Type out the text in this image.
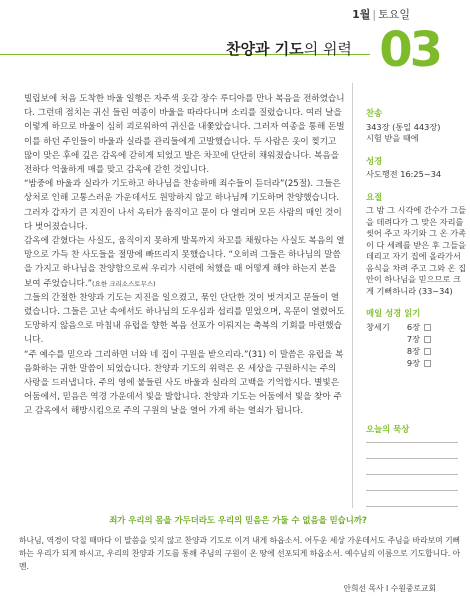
1월 | 토요일
03
찬양과 기도의 위력

빌립보에 처음 도착한 바울 일행은 자주색 옷감 장수 루디아를 만나 복음을 전하였습니다. 그런데 점치는 귀신 들린 여종이 바울을 따라다니며 소리를 질렀습니다. 여러 날을 이렇게 하므로 바울이 심히 괴로워하여 귀신을 내쫓았습니다. 그러자 여종을 통해 돈벌이를 하던 주인들이 바울과 실라를 관리들에게 고발했습니다. 두 사람은 옷이 찢기고 많이 맞은 후에 깊은 감옥에 갇히게 되었고 발은 차꼬에 단단히 채워졌습니다. 복음을 전하다 억울하게 매를 맞고 감옥에 갇힌 것입니다.

“밤중에 바울과 실라가 기도하고 하나님을 찬송하매 죄수들이 듣더라”(25절). 그들은 상처로 인해 고통스러운 가운데서도 원망하지 않고 하나님께 기도하며 찬양했습니다. 그러자 갑자기 큰 지진이 나서 옥터가 움직이고 문이 다 열리며 모든 사람의 매인 것이 다 벗어졌습니다.

감옥에 갇혔다는 사실도, 움직이지 못하게 발목까지 차꼬를 채웠다는 사실도 복음의 열망으로 가득 찬 사도들을 절망에 빠뜨리지 못했습니다. “오히려 그들은 하나님의 말씀을 가지고 하나님을 찬양함으로써 우리가 시련에 처했을 때 어떻게 해야 하는지 본을 보여 주었습니다.”(요한 크리소스토무스)

그들의 간절한 찬양과 기도는 지진을 일으켰고, 묶인 단단한 것이 벗겨지고 문들이 열렸습니다. 그들은 고난 속에서도 하나님의 도우심과 섭리를 믿었으며, 옥문이 열렸어도 도망하지 않음으로 마침내 유럽을 향한 복음 선포가 이뤄지는 축복의 기회를 마련했습니다.

“주 예수를 믿으라 그리하면 너와 네 집이 구원을 받으리라.”(31) 이 말씀은 유럽을 복음화하는 귀한 말씀이 되었습니다. 찬양과 기도의 위력은 온 세상을 구원하시는 주의 사랑을 드러냅니다. 주의 영에 붙들린 사도 바울과 실라의 고백을 기억합시다. 별빛은 어둠에서, 믿음은 역경 가운데서 빛을 발합니다. 찬양과 기도는 어둠에서 빛을 찾아 주고 감옥에서 해방시킴으로 주의 구원의 날을 열어 가게 하는 열쇠가 됩니다.

찬송
343장 (통일 443장)
시험 받을 때에
성경
사도행전 16:25~34
요절
그 밤 그 시각에 간수가 그들을 데려다가 그 맞은 자리를 씻어 주고 자기와 그 온 가족이 다 세례를 받은 후 그들을 데리고 자기 집에 올라가서 음식을 차려 주고 그와 온 집안이 하나님을 믿으므로 크게 기뻐하니라 (33~34)
매일 성경 읽기
창세기	6장
7장
8장
9장
오늘의 묵상
죄가 우리의 몸을 가두더라도 우리의 믿음은 가둘 수 없음을 믿습니까?
하나님, 역경이 닥칠 때마다 이 말씀을 잊지 않고 찬양과 기도로 이겨 내게 하옵소서. 어두운 세상 가운데서도 주님을 바라보며 기뻐하는 우리가 되게 하시고, 우리의 찬양과 기도를 통해 주님의 구원이 온 땅에 선포되게 하옵소서. 예수님의 이름으로 기도합니다. 아멘.
안희선 목사 I 수원중로교회
